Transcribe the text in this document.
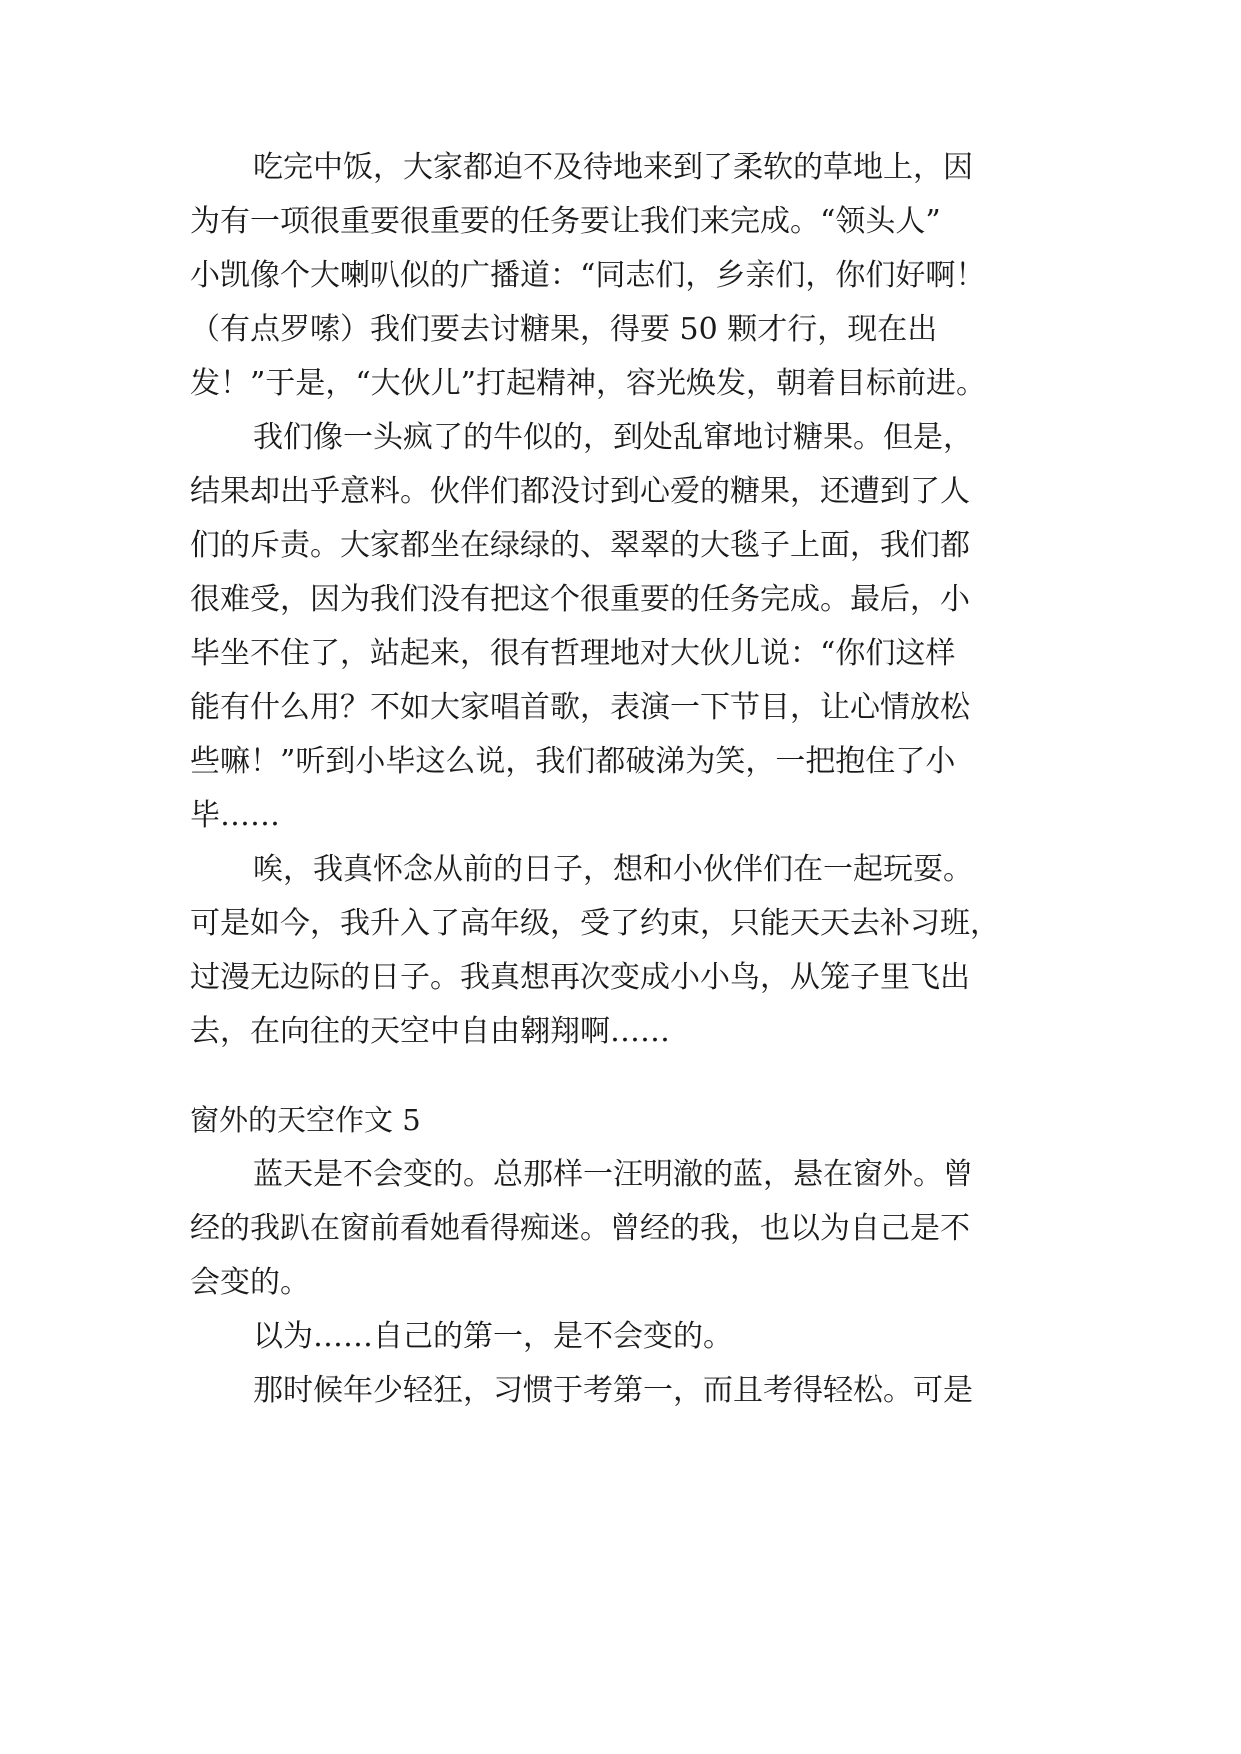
吃完中饭，大家都迫不及待地来到了柔软的草地上，因
为有一项很重要很重要的任务要让我们来完成。“领头人”
小凯像个大喇叭似的广播道：“同志们，乡亲们，你们好啊！
（有点罗嗦）我们要去讨糖果，得要 50 颗才行，现在出
发！”于是，“大伙儿”打起精神，容光焕发，朝着目标前进。
我们像一头疯了的牛似的，到处乱窜地讨糖果。但是，
结果却出乎意料。伙伴们都没讨到心爱的糖果，还遭到了人
们的斥责。大家都坐在绿绿的、翠翠的大毯子上面，我们都
很难受，因为我们没有把这个很重要的任务完成。最后，小
毕坐不住了，站起来，很有哲理地对大伙儿说：“你们这样
能有什么用？不如大家唱首歌，表演一下节目，让心情放松
些嘛！”听到小毕这么说，我们都破涕为笑，一把抱住了小
毕……
唉，我真怀念从前的日子，想和小伙伴们在一起玩耍。
可是如今，我升入了高年级，受了约束，只能天天去补习班，
过漫无边际的日子。我真想再次变成小小鸟，从笼子里飞出
去，在向往的天空中自由翱翔啊……
窗外的天空作文 5
蓝天是不会变的。总那样一汪明澈的蓝，悬在窗外。曾
经的我趴在窗前看她看得痴迷。曾经的我，也以为自己是不
会变的。
以为……自己的第一，是不会变的。
那时候年少轻狂，习惯于考第一，而且考得轻松。可是
